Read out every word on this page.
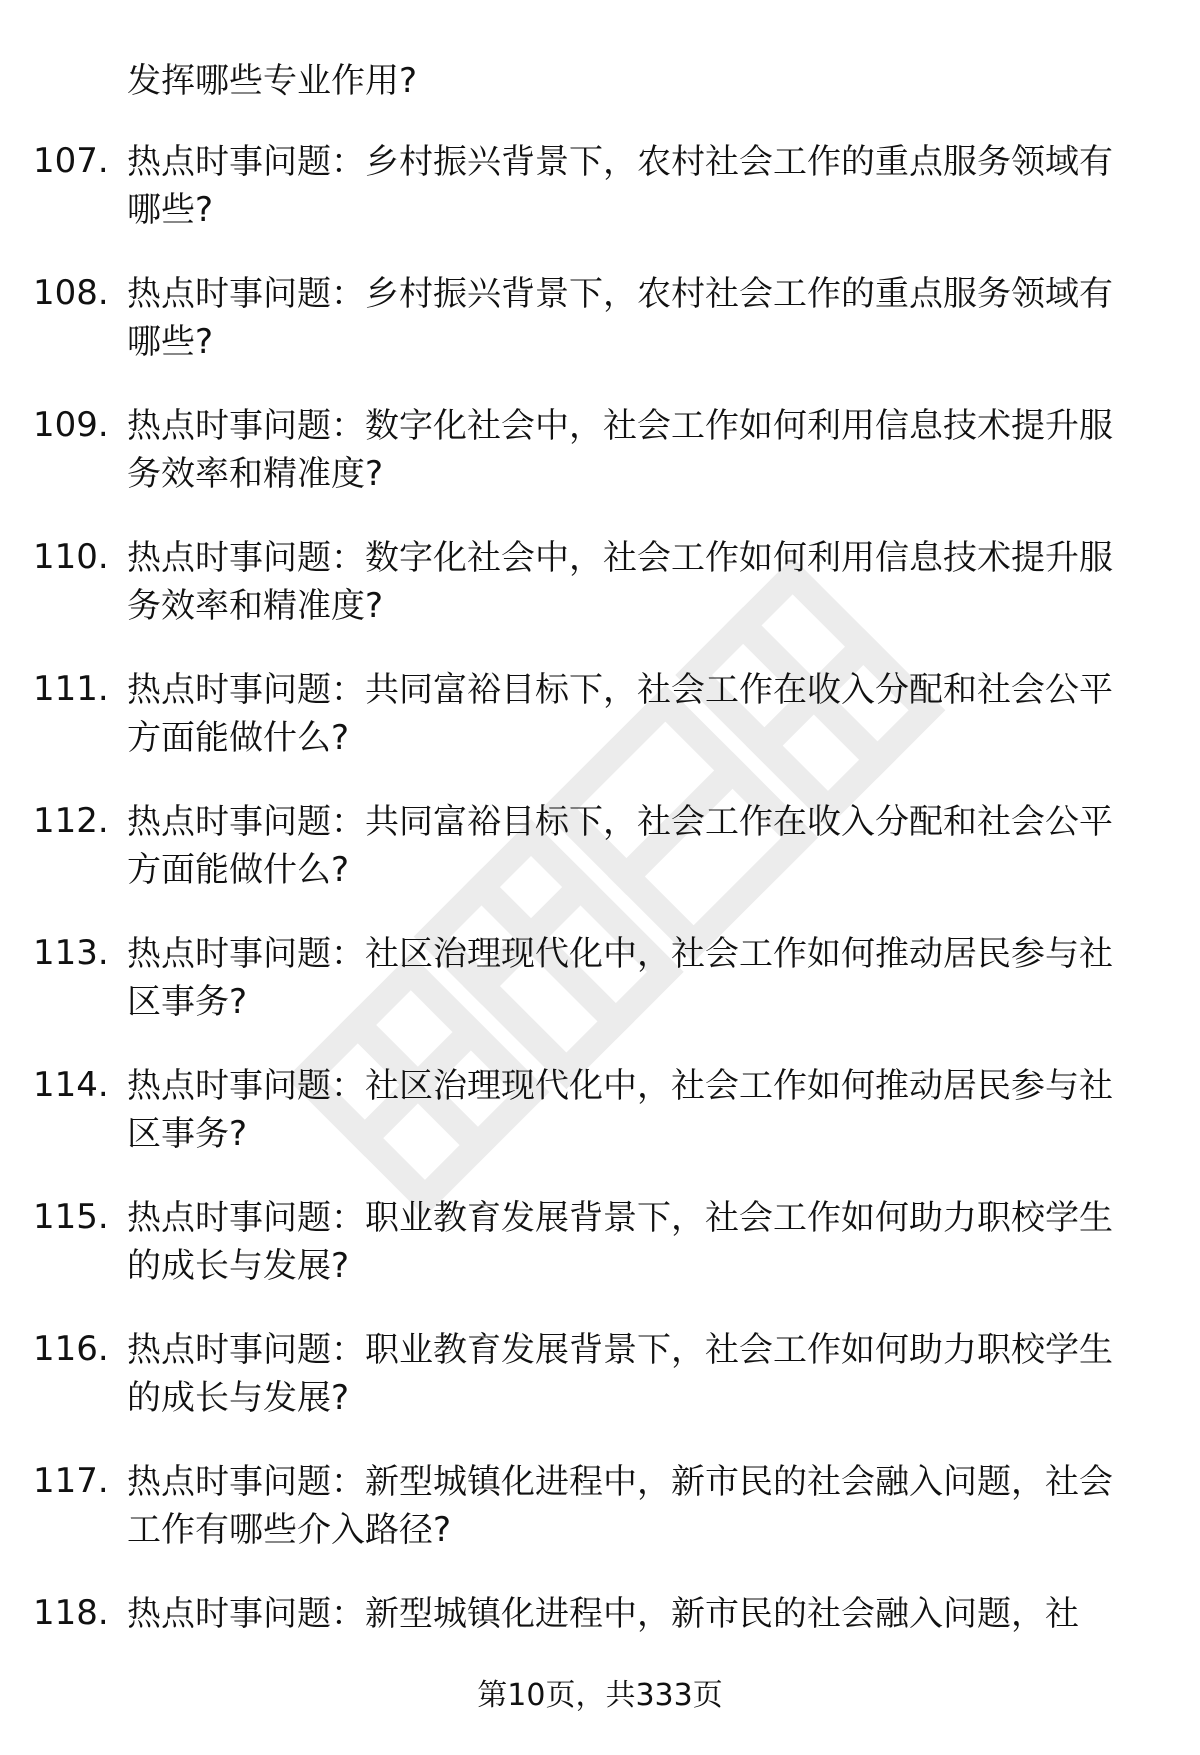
发挥哪些专业作用?
107. 热点时事问题：乡村振兴背景下，农村社会工作的重点服务领域有哪些?
108. 热点时事问题：乡村振兴背景下，农村社会工作的重点服务领域有哪些?
109. 热点时事问题：数字化社会中，社会工作如何利用信息技术提升服务效率和精准度?
110. 热点时事问题：数字化社会中，社会工作如何利用信息技术提升服务效率和精准度?
111. 热点时事问题：共同富裕目标下，社会工作在收入分配和社会公平方面能做什么?
112. 热点时事问题：共同富裕目标下，社会工作在收入分配和社会公平方面能做什么?
113. 热点时事问题：社区治理现代化中，社会工作如何推动居民参与社区事务?
114. 热点时事问题：社区治理现代化中，社会工作如何推动居民参与社区事务?
115. 热点时事问题：职业教育发展背景下，社会工作如何助力职校学生的成长与发展?
116. 热点时事问题：职业教育发展背景下，社会工作如何助力职校学生的成长与发展?
117. 热点时事问题：新型城镇化进程中，新市民的社会融入问题，社会工作有哪些介入路径?
118. 热点时事问题：新型城镇化进程中，新市民的社会融入问题，社
第10页，共333页
